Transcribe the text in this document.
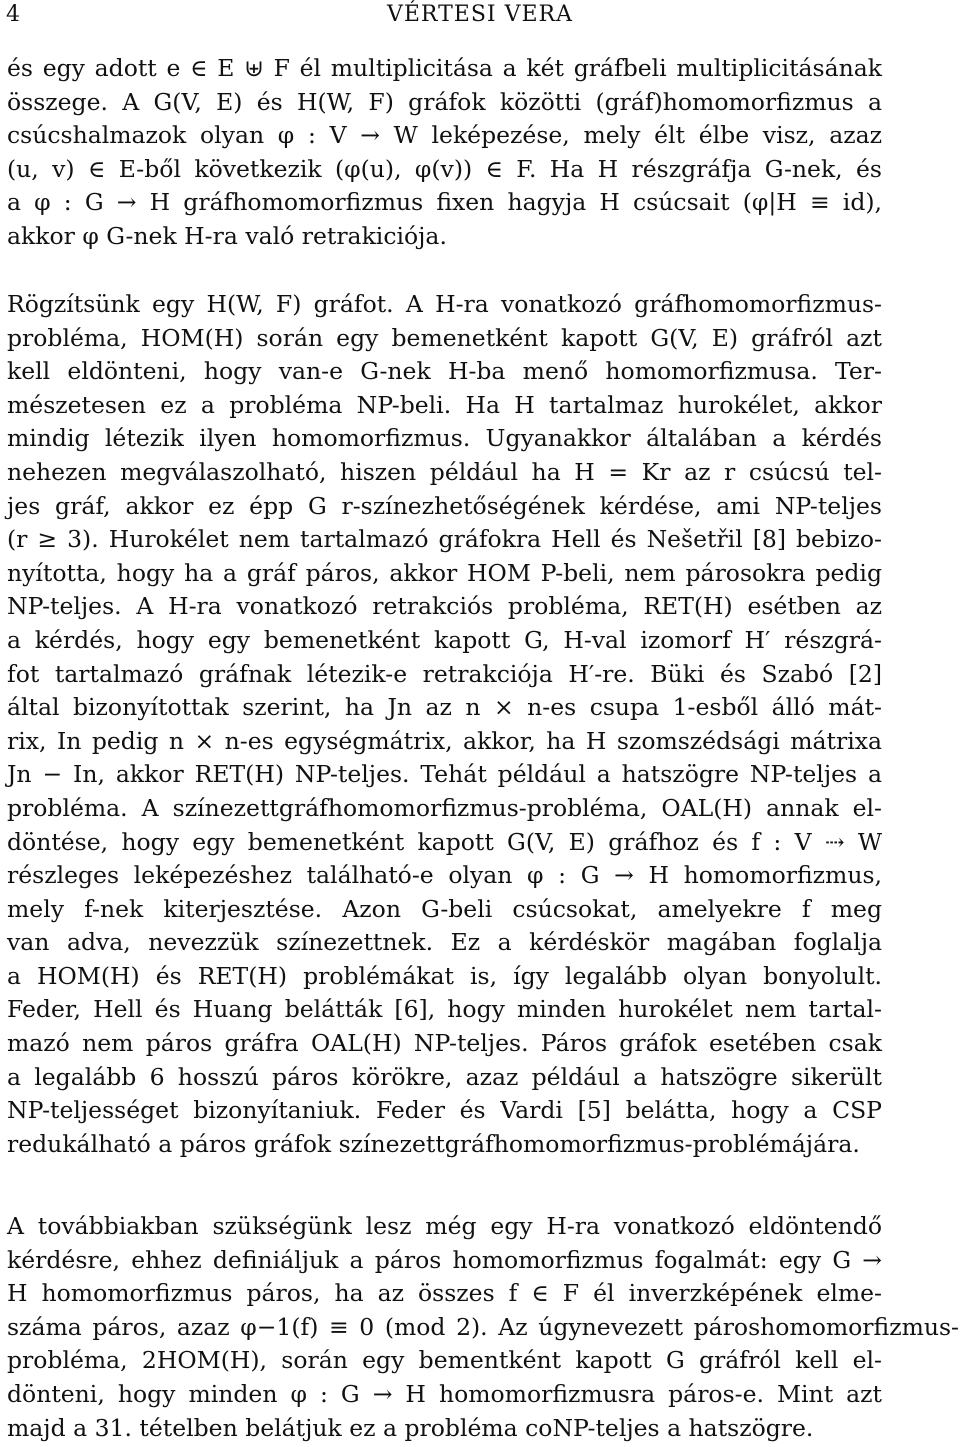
4	VÉRTESI VERA
és egy adott e ∈ E ⊎ F él multiplicitása a két gráfbeli multiplicitásának
összege. A G(V, E) és H(W, F) gráfok közötti (gráf)homomorfizmus a
csúcshalmazok olyan φ : V → W leképezése, mely élt élbe visz, azaz
(u, v) ∈ E-ből következik (φ(u), φ(v)) ∈ F. Ha H részgráfja G-nek, és
a φ : G → H gráfhomomorfizmus fixen hagyja H csúcsait (φ|H ≡ id),
akkor φ G-nek H-ra való retrakiciója.
Rögzítsünk egy H(W, F) gráfot. A H-ra vonatkozó gráfhomomorfizmus-
probléma, HOM(H) során egy bemenetként kapott G(V, E) gráfról azt
kell eldönteni, hogy van-e G-nek H-ba menő homomorfizmusa. Ter-
mészetesen ez a probléma NP-beli. Ha H tartalmaz hurokélet, akkor
mindig létezik ilyen homomorfizmus. Ugyanakkor általában a kérdés
nehezen megválaszolható, hiszen például ha H = Kr az r csúcsú tel-
jes gráf, akkor ez épp G r-színezhetőségének kérdése, ami NP-teljes
(r ≥ 3). Hurokélet nem tartalmazó gráfokra Hell és Nešetřil [8] bebizo-
nyította, hogy ha a gráf páros, akkor HOM P-beli, nem párosokra pedig
NP-teljes. A H-ra vonatkozó retrakciós probléma, RET(H) esétben az
a kérdés, hogy egy bemenetként kapott G, H-val izomorf H′ részgrá-
fot tartalmazó gráfnak létezik-e retrakciója H′-re. Büki és Szabó [2]
által bizonyítottak szerint, ha Jn az n × n-es csupa 1-esből álló mát-
rix, In pedig n × n-es egységmátrix, akkor, ha H szomszédsági mátrixa
Jn − In, akkor RET(H) NP-teljes. Tehát például a hatszögre NP-teljes a
probléma. A színezettgráfhomomorfizmus-probléma, OAL(H) annak el-
döntése, hogy egy bemenetként kapott G(V, E) gráfhoz és f : V ⇢ W
részleges leképezéshez található-e olyan φ : G → H homomorfizmus,
mely f-nek kiterjesztése. Azon G-beli csúcsokat, amelyekre f meg
van adva, nevezzük színezettnek. Ez a kérdéskör magában foglalja
a HOM(H) és RET(H) problémákat is, így legalább olyan bonyolult.
Feder, Hell és Huang belátták [6], hogy minden hurokélet nem tartal-
mazó nem páros gráfra OAL(H) NP-teljes. Páros gráfok esetében csak
a legalább 6 hosszú páros körökre, azaz például a hatszögre sikerült
NP-teljességet bizonyítaniuk. Feder és Vardi [5] belátta, hogy a CSP
redukálható a páros gráfok színezettgráfhomomorfizmus-problémájára.
A továbbiakban szükségünk lesz még egy H-ra vonatkozó eldöntendő
kérdésre, ehhez definiáljuk a páros homomorfizmus fogalmát: egy G →
H homomorfizmus páros, ha az összes f ∈ F él inverzképének elme-
száma páros, azaz φ−1(f) ≡ 0 (mod 2). Az úgynevezett pároshomomorfizmus-
probléma, 2HOM(H), során egy bementként kapott G gráfról kell el-
dönteni, hogy minden φ : G → H homomorfizmusra páros-e. Mint azt
majd a 31. tételben belátjuk ez a probléma coNP-teljes a hatszögre.
